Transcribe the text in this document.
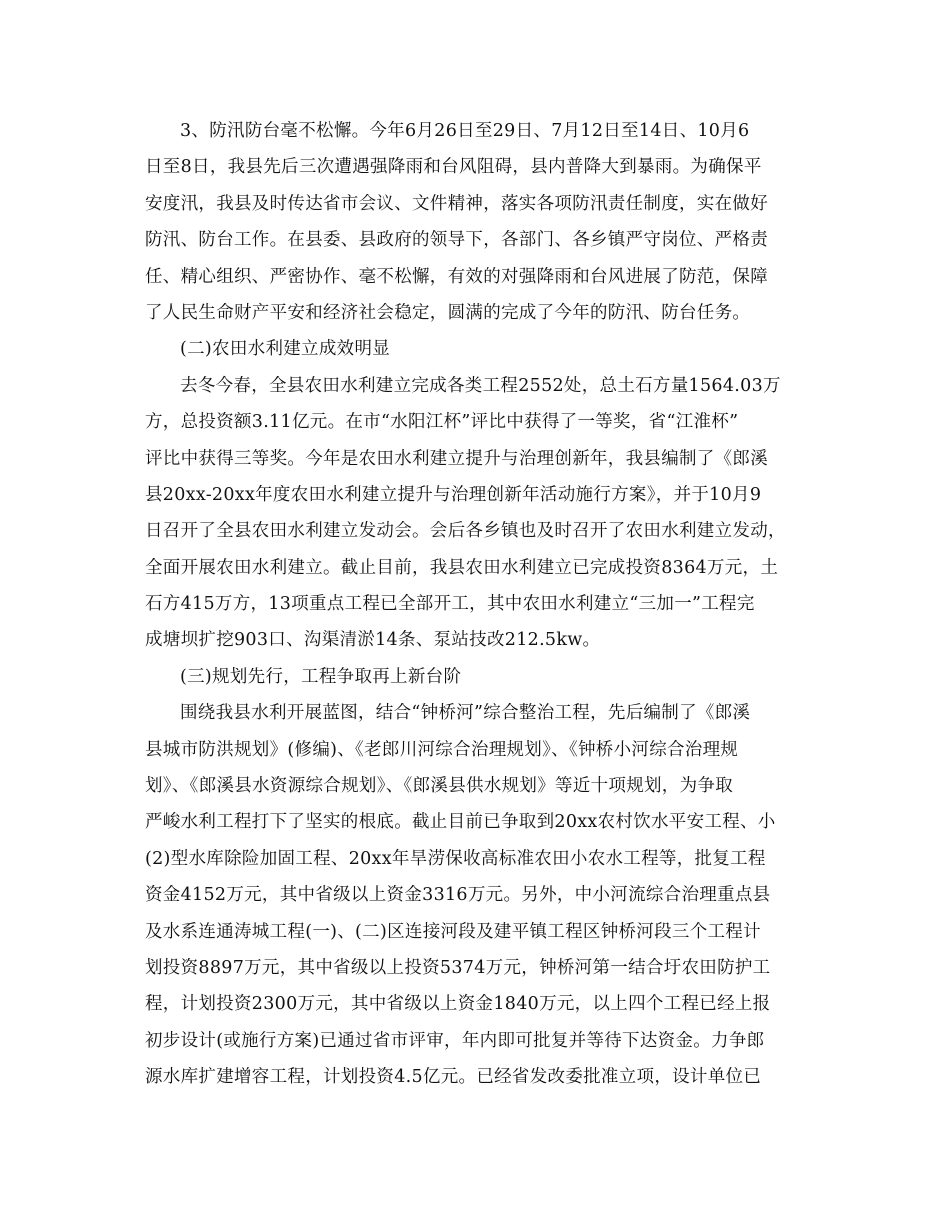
3、防汛防台毫不松懈。今年6月26日至29日、7月12日至14日、10月6
日至8日，我县先后三次遭遇强降雨和台风阻碍，县内普降大到暴雨。为确保平
安度汛，我县及时传达省市会议、文件精神，落实各项防汛责任制度，实在做好
防汛、防台工作。在县委、县政府的领导下，各部门、各乡镇严守岗位、严格责
任、精心组织、严密协作、毫不松懈，有效的对强降雨和台风进展了防范，保障
了人民生命财产平安和经济社会稳定，圆满的完成了今年的防汛、防台任务。
(二)农田水利建立成效明显
去冬今春，全县农田水利建立完成各类工程2552处，总土石方量1564.03万
方，总投资额3.11亿元。在市“水阳江杯”评比中获得了一等奖，省“江淮杯”
评比中获得三等奖。今年是农田水利建立提升与治理创新年，我县编制了《郎溪
县20xx-20xx年度农田水利建立提升与治理创新年活动施行方案》，并于10月9
日召开了全县农田水利建立发动会。会后各乡镇也及时召开了农田水利建立发动，
全面开展农田水利建立。截止目前，我县农田水利建立已完成投资8364万元，土
石方415万方，13项重点工程已全部开工，其中农田水利建立“三加一”工程完
成塘坝扩挖903口、沟渠清淤14条、泵站技改212.5kw。
(三)规划先行，工程争取再上新台阶
围绕我县水利开展蓝图，结合“钟桥河”综合整治工程，先后编制了《郎溪
县城市防洪规划》(修编)、《老郎川河综合治理规划》、《钟桥小河综合治理规
划》、《郎溪县水资源综合规划》、《郎溪县供水规划》等近十项规划，为争取
严峻水利工程打下了坚实的根底。截止目前已争取到20xx农村饮水平安工程、小
(2)型水库除险加固工程、20xx年旱涝保收高标准农田小农水工程等，批复工程
资金4152万元，其中省级以上资金3316万元。另外，中小河流综合治理重点县
及水系连通涛城工程(一)、(二)区连接河段及建平镇工程区钟桥河段三个工程计
划投资8897万元，其中省级以上投资5374万元，钟桥河第一结合圩农田防护工
程，计划投资2300万元，其中省级以上资金1840万元，以上四个工程已经上报
初步设计(或施行方案)已通过省市评审，年内即可批复并等待下达资金。力争郎
源水库扩建增容工程，计划投资4.5亿元。已经省发改委批准立项，设计单位已
